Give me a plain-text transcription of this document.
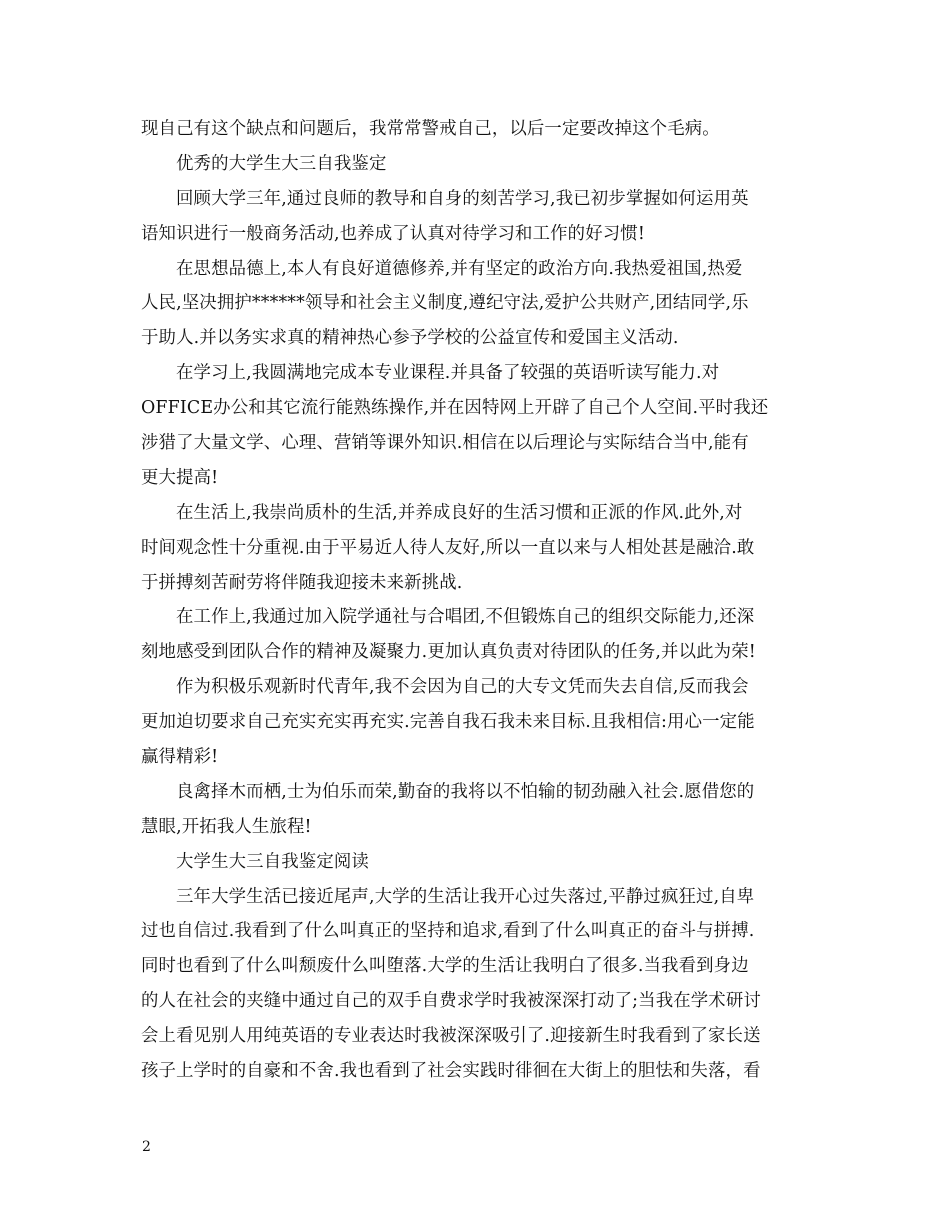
现自己有这个缺点和问题后，我常常警戒自己，以后一定要改掉这个毛病。
优秀的大学生大三自我鉴定
回顾大学三年,通过良师的教导和自身的刻苦学习,我已初步掌握如何运用英
语知识进行一般商务活动,也养成了认真对待学习和工作的好习惯!
在思想品德上,本人有良好道德修养,并有坚定的政治方向.我热爱祖国,热爱
人民,坚决拥护******领导和社会主义制度,遵纪守法,爱护公共财产,团结同学,乐
于助人.并以务实求真的精神热心参予学校的公益宣传和爱国主义活动.
在学习上,我圆满地完成本专业课程.并具备了较强的英语听读写能力.对
OFFICE办公和其它流行能熟练操作,并在因特网上开辟了自己个人空间.平时我还
涉猎了大量文学、心理、营销等课外知识.相信在以后理论与实际结合当中,能有
更大提高!
在生活上,我崇尚质朴的生活,并养成良好的生活习惯和正派的作风.此外,对
时间观念性十分重视.由于平易近人待人友好,所以一直以来与人相处甚是融洽.敢
于拼搏刻苦耐劳将伴随我迎接未来新挑战.
在工作上,我通过加入院学通社与合唱团,不但锻炼自己的组织交际能力,还深
刻地感受到团队合作的精神及凝聚力.更加认真负责对待团队的任务,并以此为荣!
作为积极乐观新时代青年,我不会因为自己的大专文凭而失去自信,反而我会
更加迫切要求自己充实充实再充实.完善自我石我未来目标.且我相信:用心一定能
赢得精彩!
良禽择木而栖,士为伯乐而荣,勤奋的我将以不怕输的韧劲融入社会.愿借您的
慧眼,开拓我人生旅程!
大学生大三自我鉴定阅读
三年大学生活已接近尾声,大学的生活让我开心过失落过,平静过疯狂过,自卑
过也自信过.我看到了什么叫真正的坚持和追求,看到了什么叫真正的奋斗与拼搏.
同时也看到了什么叫颓废什么叫堕落.大学的生活让我明白了很多.当我看到身边
的人在社会的夹缝中通过自己的双手自费求学时我被深深打动了;当我在学术研讨
会上看见别人用纯英语的专业表达时我被深深吸引了.迎接新生时我看到了家长送
孩子上学时的自豪和不舍.我也看到了社会实践时徘徊在大街上的胆怯和失落，看
2
